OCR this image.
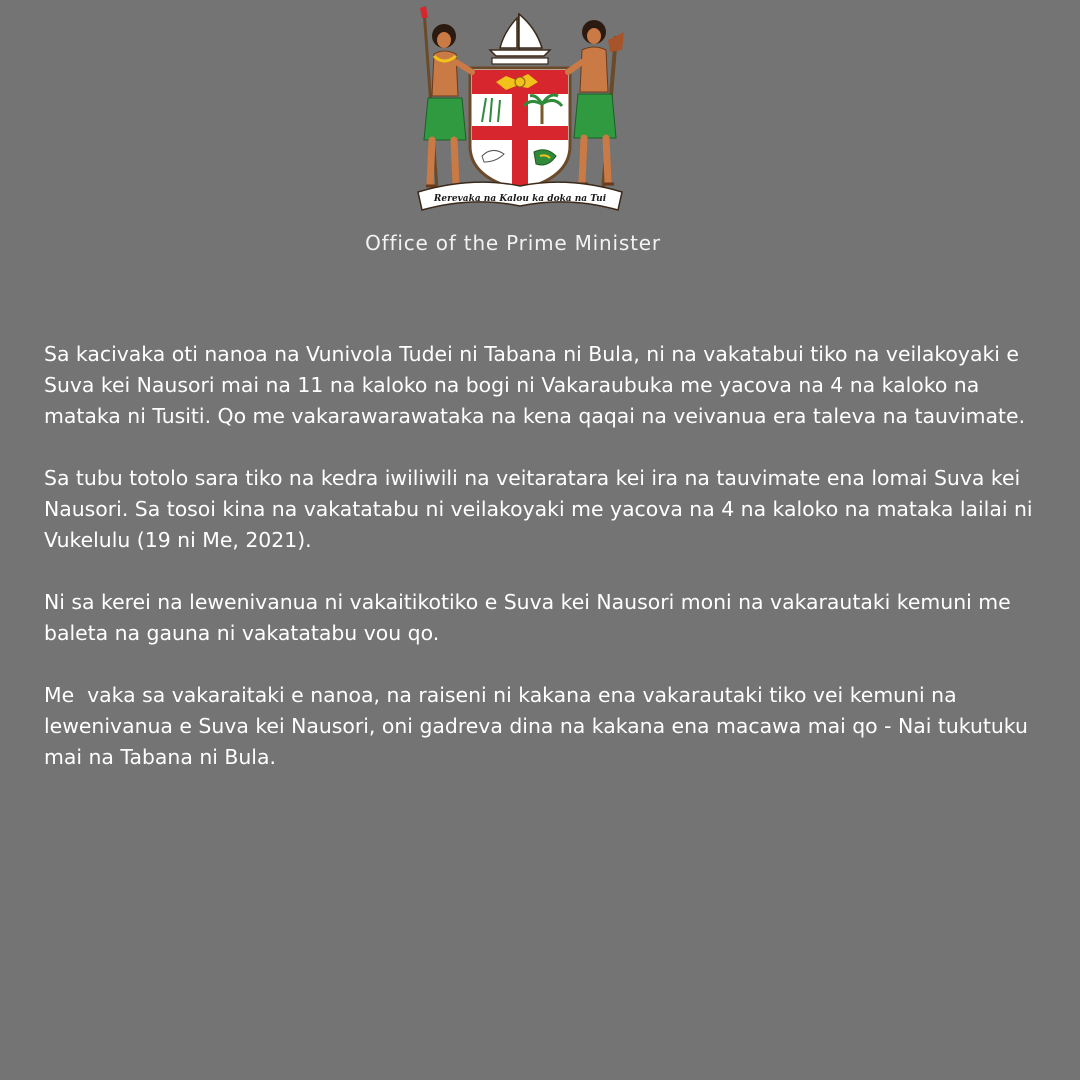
Rerevaka na Kalou ka doka na Tui
Office of the Prime Minister

Sa kacivaka oti nanoa na Vunivola Tudei ni Tabana ni Bula, ni na vakatabui tiko na veilakoyaki e Suva kei Nausori mai na 11 na kaloko na bogi ni Vakaraubuka me yacova na 4 na kaloko na mataka ni Tusiti. Qo me vakarawarawataka na kena qaqai na veivanua era taleva na tauvimate.

Sa tubu totolo sara tiko na kedra iwiliwili na veitaratara kei ira na tauvimate ena lomai Suva kei Nausori. Sa tosoi kina na vakatatabu ni veilakoyaki me yacova na 4 na kaloko na mataka lailai ni Vukelulu (19 ni Me, 2021).

Ni sa kerei na lewenivanua ni vakaitikotiko e Suva kei Nausori moni na vakarautaki kemuni me baleta na gauna ni vakatatabu vou qo.

Me  vaka sa vakaraitaki e nanoa, na raiseni ni kakana ena vakarautaki tiko vei kemuni na lewenivanua e Suva kei Nausori, oni gadreva dina na kakana ena macawa mai qo - Nai tukutuku mai na Tabana ni Bula.
